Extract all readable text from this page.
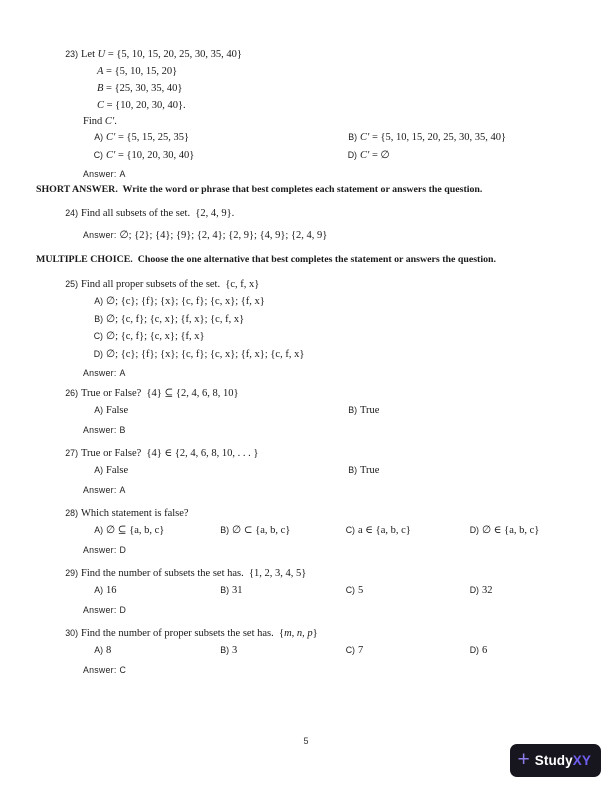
23) Let U = {5, 10, 15, 20, 25, 30, 35, 40}
A = {5, 10, 15, 20}
B = {25, 30, 35, 40}
C = {10, 20, 30, 40}.
Find C′.
A) C′ = {5, 15, 25, 35}	B) C′ = {5, 10, 15, 20, 25, 30, 35, 40}
C) C′ = {10, 20, 30, 40}	D) C′ = ∅
Answer: A
SHORT ANSWER.  Write the word or phrase that best completes each statement or answers the question.
24) Find all subsets of the set.  {2, 4, 9}.
Answer: ∅; {2}; {4}; {9}; {2, 4}; {2, 9}; {4, 9}; {2, 4, 9}
MULTIPLE CHOICE.  Choose the one alternative that best completes the statement or answers the question.
25) Find all proper subsets of the set.  {c, f, x}
A) ∅; {c}; {f}; {x}; {c, f}; {c, x}; {f, x}
B) ∅; {c, f}; {c, x}; {f, x}; {c, f, x}
C) ∅; {c, f}; {c, x}; {f, x}
D) ∅; {c}; {f}; {x}; {c, f}; {c, x}; {f, x}; {c, f, x}
Answer: A
26) True or False?  {4} ⊆ {2, 4, 6, 8, 10}
A) False	B) True
Answer: B
27) True or False?  {4} ∈ {2, 4, 6, 8, 10, . . . }
A) False	B) True
Answer: A
28) Which statement is false?
A) ∅ ⊆ {a, b, c}	B) ∅ ⊂ {a, b, c}	C) a ∈ {a, b, c}	D) ∅ ∈ {a, b, c}
Answer: D
29) Find the number of subsets the set has.  {1, 2, 3, 4, 5}
A) 16	B) 31	C) 5	D) 32
Answer: D
30) Find the number of proper subsets the set has.  {m, n, p}
A) 8	B) 3	C) 7	D) 6
Answer: C
5
+ Study XY
